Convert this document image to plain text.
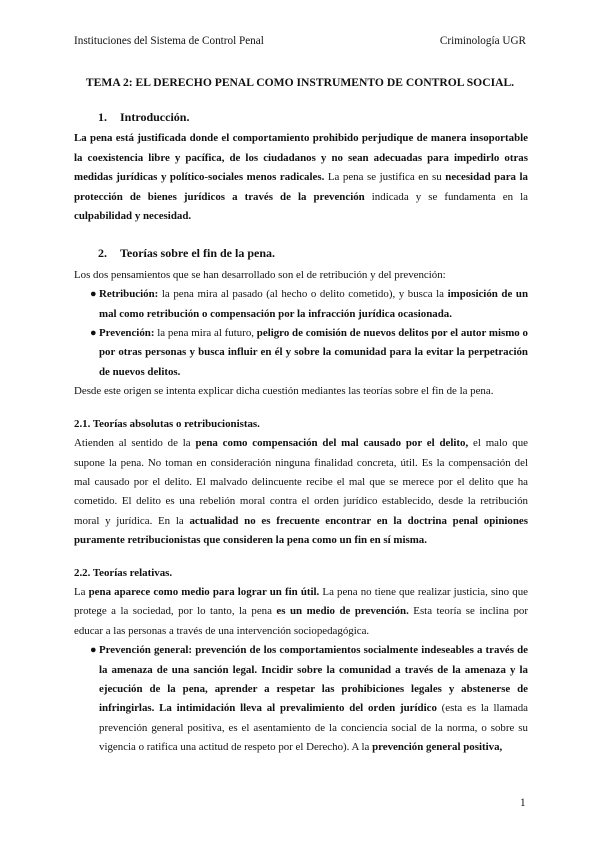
Instituciones del Sistema de Control Penal	Criminología UGR
TEMA 2: EL DERECHO PENAL COMO INSTRUMENTO DE CONTROL SOCIAL.
1. Introducción.

La pena está justificada donde el comportamiento prohibido perjudique de manera insoportable la coexistencia libre y pacífica, de los ciudadanos y no sean adecuadas para impedirlo otras medidas jurídicas y político-sociales menos radicales. La pena se justifica en su necesidad para la protección de bienes jurídicos a través de la prevención indicada y se fundamenta en la culpabilidad y necesidad.

2. Teorías sobre el fin de la pena.

Los dos pensamientos que se han desarrollado son el de retribución y del prevención:

● Retribución: la pena mira al pasado (al hecho o delito cometido), y busca la imposición de un mal como retribución o compensación por la infracción jurídica ocasionada.
● Prevención: la pena mira al futuro, peligro de comisión de nuevos delitos por el autor mismo o por otras personas y busca influir en él y sobre la comunidad para la evitar la perpetración de nuevos delitos.

Desde este origen se intenta explicar dicha cuestión mediantes las teorías sobre el fin de la pena.

2.1. Teorías absolutas o retribucionistas.

Atienden al sentido de la pena como compensación del mal causado por el delito, el malo que supone la pena. No toman en consideración ninguna finalidad concreta, útil. Es la compensación del mal causado por el delito. El malvado delincuente recibe el mal que se merece por el delito que ha cometido. El delito es una rebelión moral contra el orden jurídico establecido, desde la retribución moral y jurídica. En la actualidad no es frecuente encontrar en la doctrina penal opiniones puramente retribucionistas que consideren la pena como un fin en sí misma.

2.2. Teorías relativas.

La pena aparece como medio para lograr un fin útil. La pena no tiene que realizar justicia, sino que protege a la sociedad, por lo tanto, la pena es un medio de prevención. Esta teoría se inclina por educar a las personas a través de una intervención sociopedagógica.

● Prevención general: prevención de los comportamientos socialmente indeseables a través de la amenaza de una sanción legal. Incidir sobre la comunidad a través de la amenaza y la ejecución de la pena, aprender a respetar las prohibiciones legales y abstenerse de infringirlas. La intimidación lleva al prevalimiento del orden jurídico (esta es la llamada prevención general positiva, es el asentamiento de la conciencia social de la norma, o sobre su vigencia o ratifica una actitud de respeto por el Derecho). A la prevención general positiva,
1
